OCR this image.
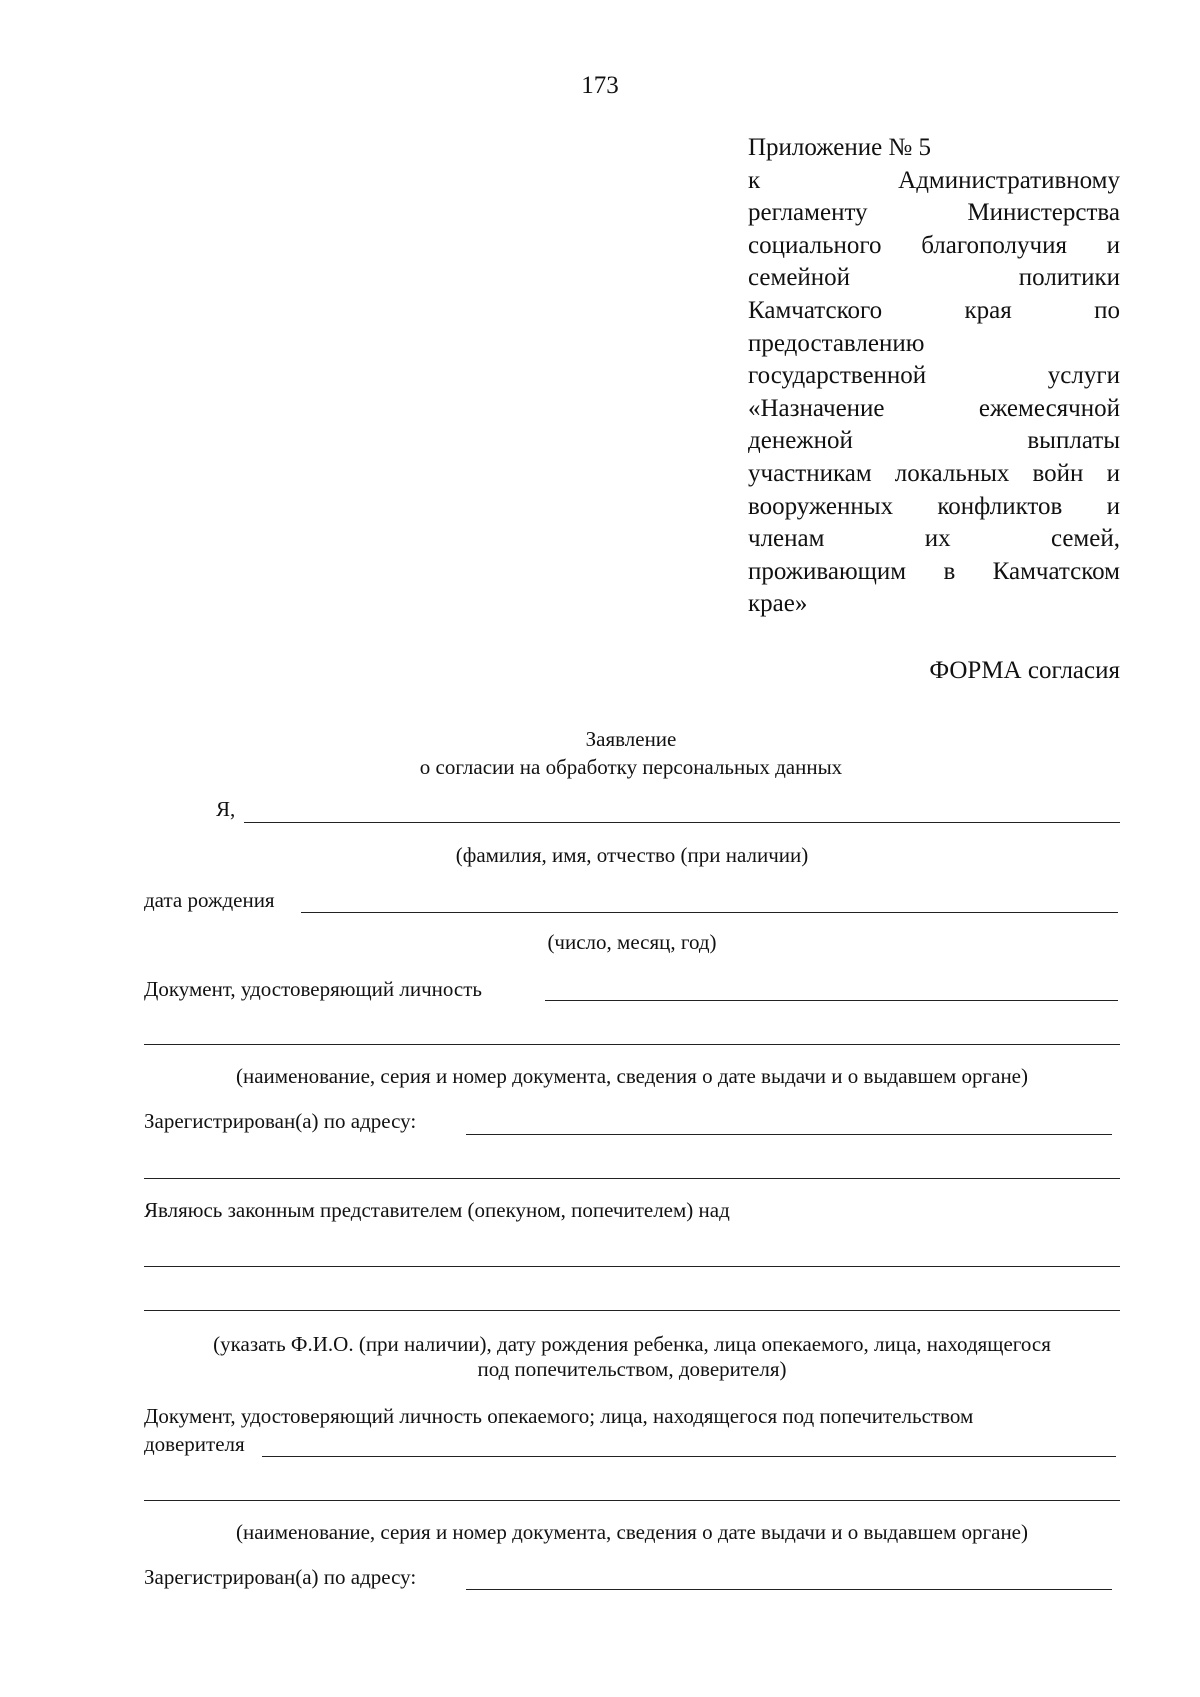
173
Приложение № 5
к	Административному
регламенту	Министерства
социального благополучия и
семейной	политики
Камчатского	края	по
предоставлению
государственной	услуги
«Назначение	ежемесячной
денежной	выплаты
участникам локальных войн и
вооруженных конфликтов и
членам	их	семей,
проживающим в Камчатском
крае»
ФОРМА согласия
Заявление
о согласии на обработку персональных данных
Я,
(фамилия, имя, отчество (при наличии)
дата рождения
(число, месяц, год)
Документ, удостоверяющий личность
(наименование, серия и номер документа, сведения о дате выдачи и о выдавшем органе)
Зарегистрирован(а) по адресу:
Являюсь законным представителем (опекуном, попечителем) над
(указать Ф.И.О. (при наличии), дату рождения ребенка, лица опекаемого, лица, находящегося
под попечительством, доверителя)
Документ, удостоверяющий личность опекаемого; лица, находящегося под попечительством
доверителя
(наименование, серия и номер документа, сведения о дате выдачи и о выдавшем органе)
Зарегистрирован(а) по адресу:
